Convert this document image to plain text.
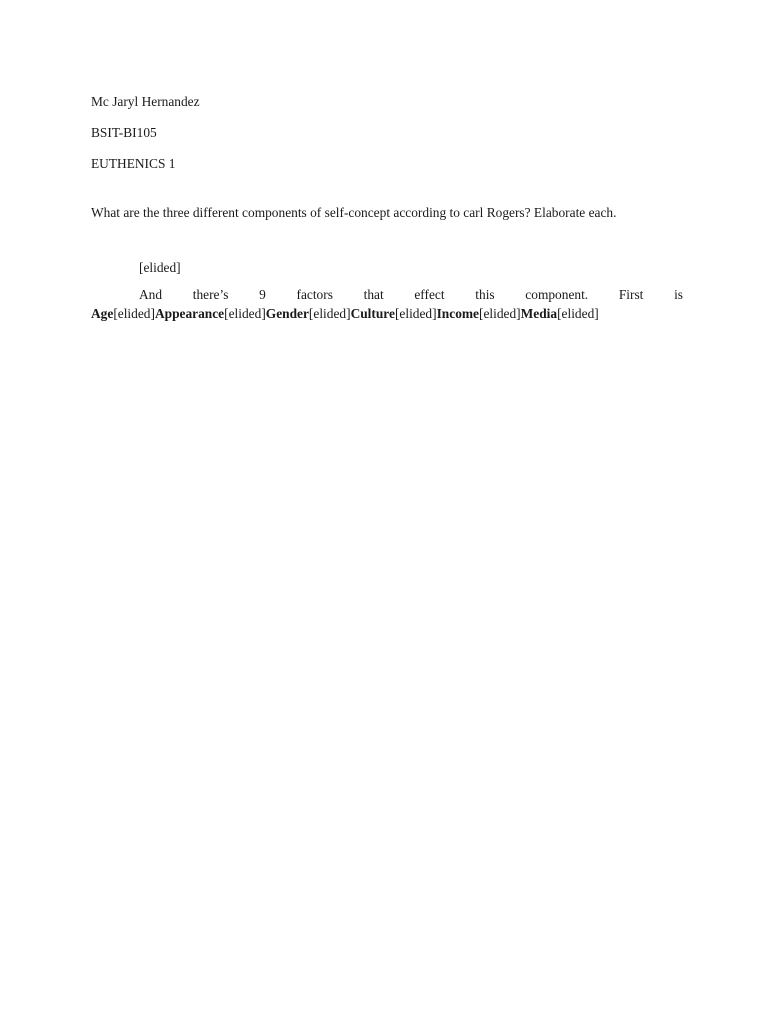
Mc Jaryl Hernandez

BSIT-BI105

EUTHENICS 1

What are the three different components of self-concept according to carl Rogers? Elaborate each.

[elided]

And there’s 9 factors that effect this component. First is Age[elided]Appearance[elided]Gender[elided]Culture[elided]Income[elided]Media[elided]
